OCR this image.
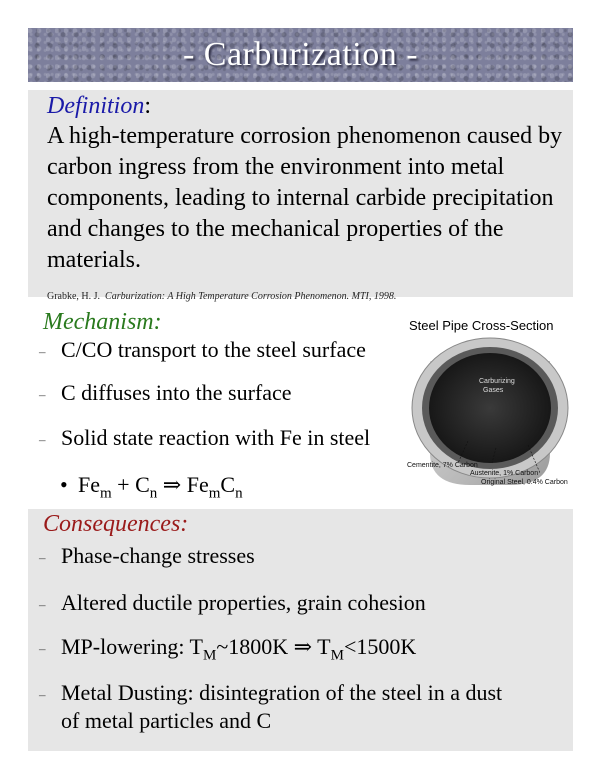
- Carburization -
Definition:
A high-temperature corrosion phenomenon caused by carbon ingress from the environment into metal components, leading to internal carbide precipitation and changes to the mechanical properties of the materials.
Grabke, H. J. Carburization: A High Temperature Corrosion Phenomenon. MTI, 1998.
Mechanism:
– C/CO transport to the steel surface
– C diffuses into the surface
– Solid state reaction with Fe in steel
• $Fe_m + C_n$ ⇒ $Fe_mC_n$
Steel Pipe Cross-Section
Carburizing
Gases
Cementite, 7% Carbon
Austenite, 1% Carbon
Original Steel, 0.4% Carbon
Consequences:
– Phase-change stresses
– Altered ductile properties, grain cohesion
– MP-lowering: $T_M\sim 1800K$ ⇒ $T_M<1500K$
– Metal Dusting: disintegration of the steel in a dust
of metal particles and C
